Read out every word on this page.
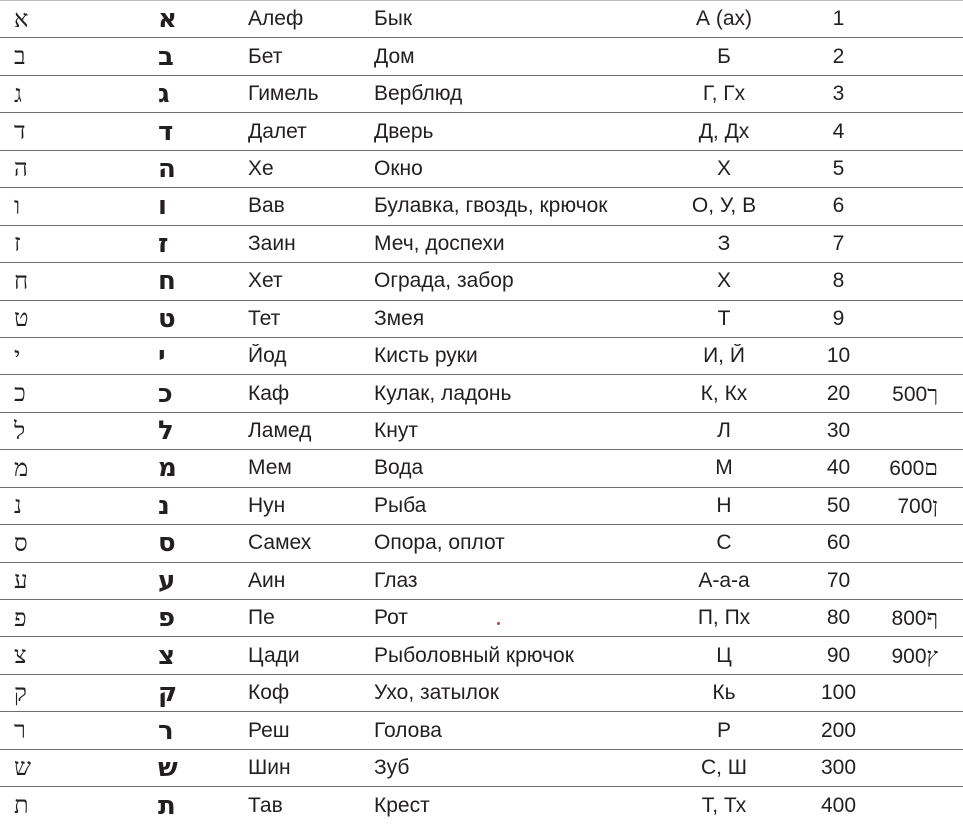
א	א	Алеф	Бык	А (ах)	1
ב	ב	Бет	Дом	Б	2
ג	ג	Гимель	Верблюд	Г, Гх	3
ד	ד	Далет	Дверь	Д, Дх	4
ה	ה	Хе	Окно	Х	5
ו	ו	Вав	Булавка, гвоздь, крючок	О, У, В	6
ז	ז	Заин	Меч, доспехи	З	7
ח	ח	Хет	Ограда, забор	Х	8
ט	ט	Тет	Змея	Т	9
י	י	Йод	Кисть руки	И, Й	10
כ	כ	Каф	Кулак, ладонь	К, Кх	20	ך500
ל	ל	Ламед	Кнут	Л	30
מ	מ	Мем	Вода	М	40	ם600
נ	נ	Нун	Рыба	Н	50	ן700
ס	ס	Самех	Опора, оплот	С	60
ע	ע	Аин	Глаз	А-а-а	70
פ	פ	Пе	Рот	П, Пх	80	ף800
צ	צ	Цади	Рыболовный крючок	Ц	90	ץ900
ק	ק	Коф	Ухо, затылок	Кь	100
ר	ר	Реш	Голова	Р	200
ש	ש	Шин	Зуб	С, Ш	300
ת	ת	Тав	Крест	Т, Тх	400
